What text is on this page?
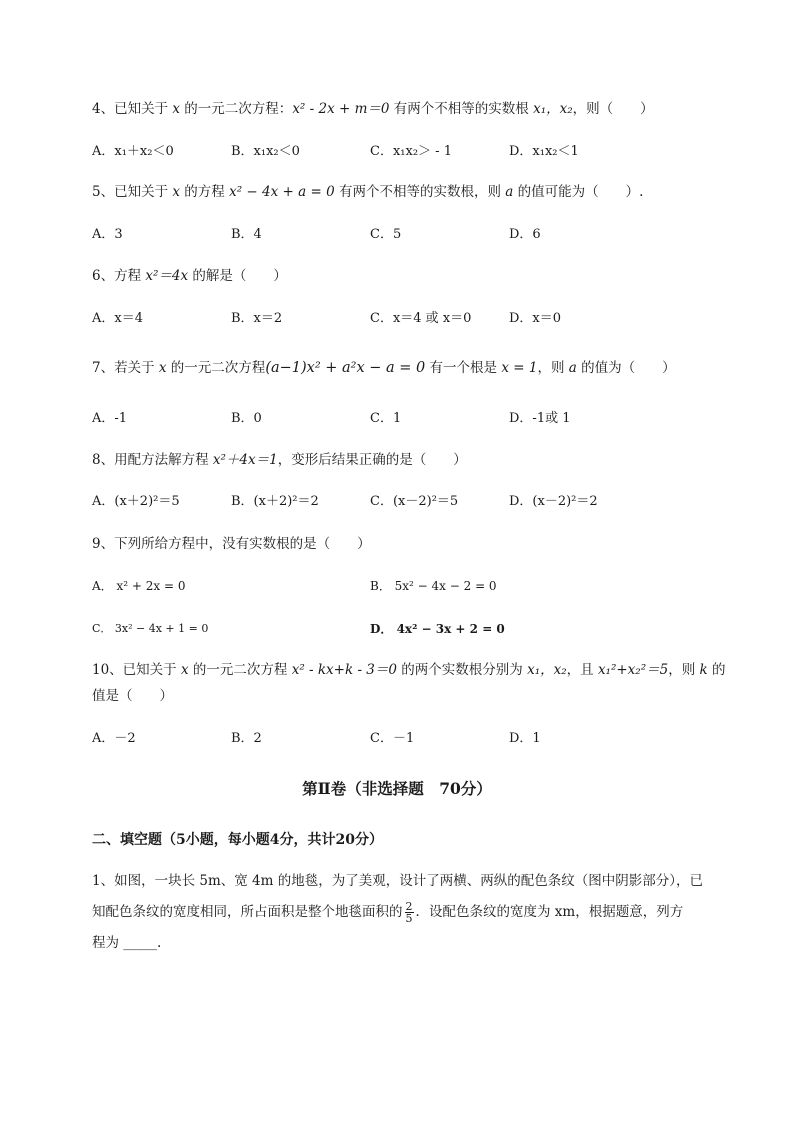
4、已知关于 x 的一元二次方程：x² - 2x + m＝0 有两个不相等的实数根 x₁，x₂，则（　　）
A．x₁＋x₂＜0	B．x₁x₂＜0	C．x₁x₂＞ - 1	D．x₁x₂＜1
5、已知关于 x 的方程 x² − 4x + a = 0 有两个不相等的实数根，则 a 的值可能为（　　）.
A．3	B．4	C．5	D．6
6、方程 x²＝4x 的解是（　　）
A．x＝4	B．x＝2	C．x＝4 或 x＝0	D．x＝0
7、若关于 x 的一元二次方程(a−1)x² + a²x − a = 0 有一个根是 x = 1，则 a 的值为（　　）
A．-1	B．0	C．1	D．-1或 1
8、用配方法解方程 x²＋4x＝1，变形后结果正确的是（　　）
A．(x＋2)²＝5	B．(x＋2)²＝2	C．(x－2)²＝5	D．(x－2)²＝2
9、下列所给方程中，没有实数根的是（　　）
A． x² + 2x = 0	B． 5x² − 4x − 2 = 0
C． 3x² − 4x + 1 = 0	D． 4x² − 3x + 2 = 0
10、已知关于 x 的一元二次方程 x² - kx+k - 3＝0 的两个实数根分别为 x₁，x₂，且 x₁²+x₂²＝5，则 k 的
值是（　　）
A．－2	B．2	C．－1	D．1
第Ⅱ卷（非选择题　70分）
二、填空题（5小题，每小题4分，共计20分）
1、如图，一块长 5m、宽 4m 的地毯，为了美观，设计了两横、两纵的配色条纹（图中阴影部分），已
知配色条纹的宽度相同，所占面积是整个地毯面积的 $\frac{2}{5}$ ．设配色条纹的宽度为 xm，根据题意，列方
程为 _____.
